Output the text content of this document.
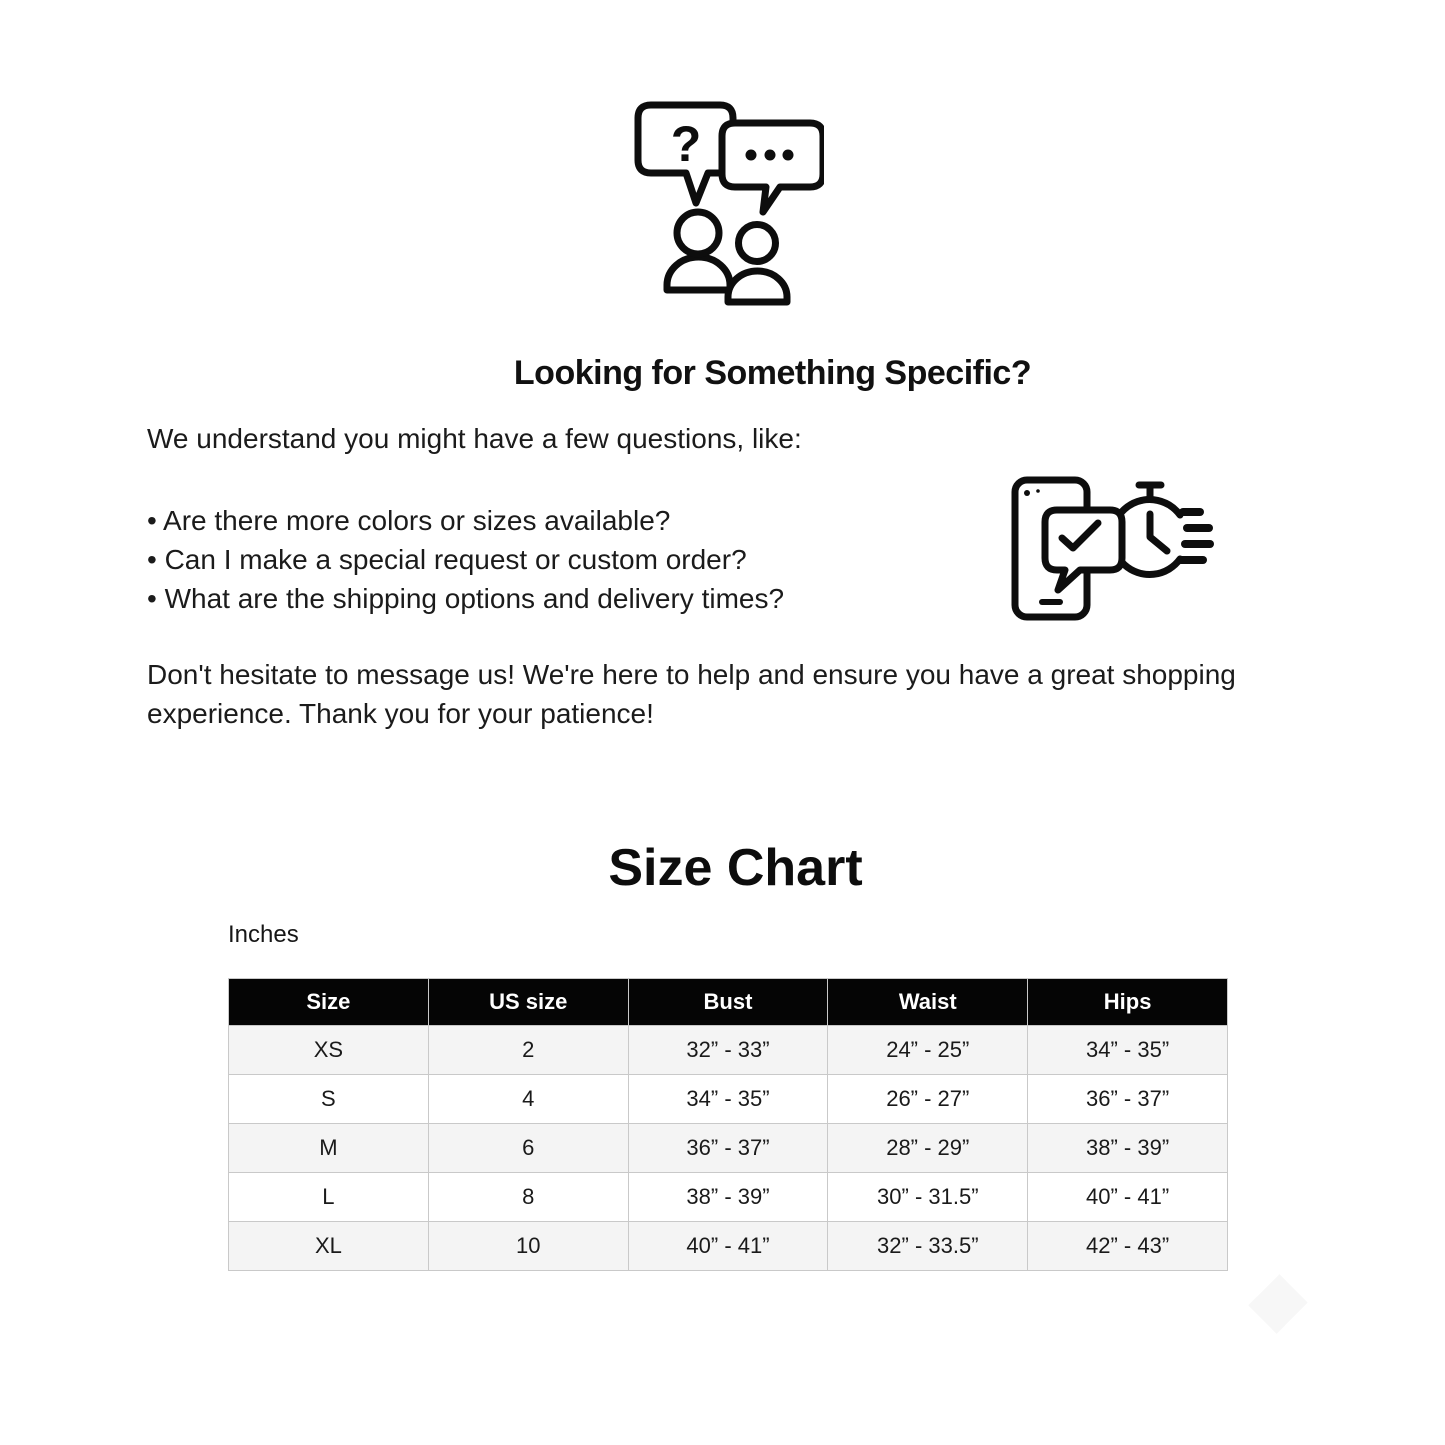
?
Looking for Something Specific?

We understand you might have a few questions, like:

• Are there more colors or sizes available?
• Can I make a special request or custom order?
• What are the shipping options and delivery times?

Don't hesitate to message us! We're here to help and ensure you have a great shopping experience. Thank you for your patience!

Size Chart
Inches
Size	US size	Bust	Waist	Hips
XS	2	32” - 33”	24” - 25”	34” - 35”
S	4	34” - 35”	26” - 27”	36” - 37”
M	6	36” - 37”	28” - 29”	38” - 39”
L	8	38” - 39”	30” - 31.5”	40” - 41”
XL	10	40” - 41”	32” - 33.5”	42” - 43”
